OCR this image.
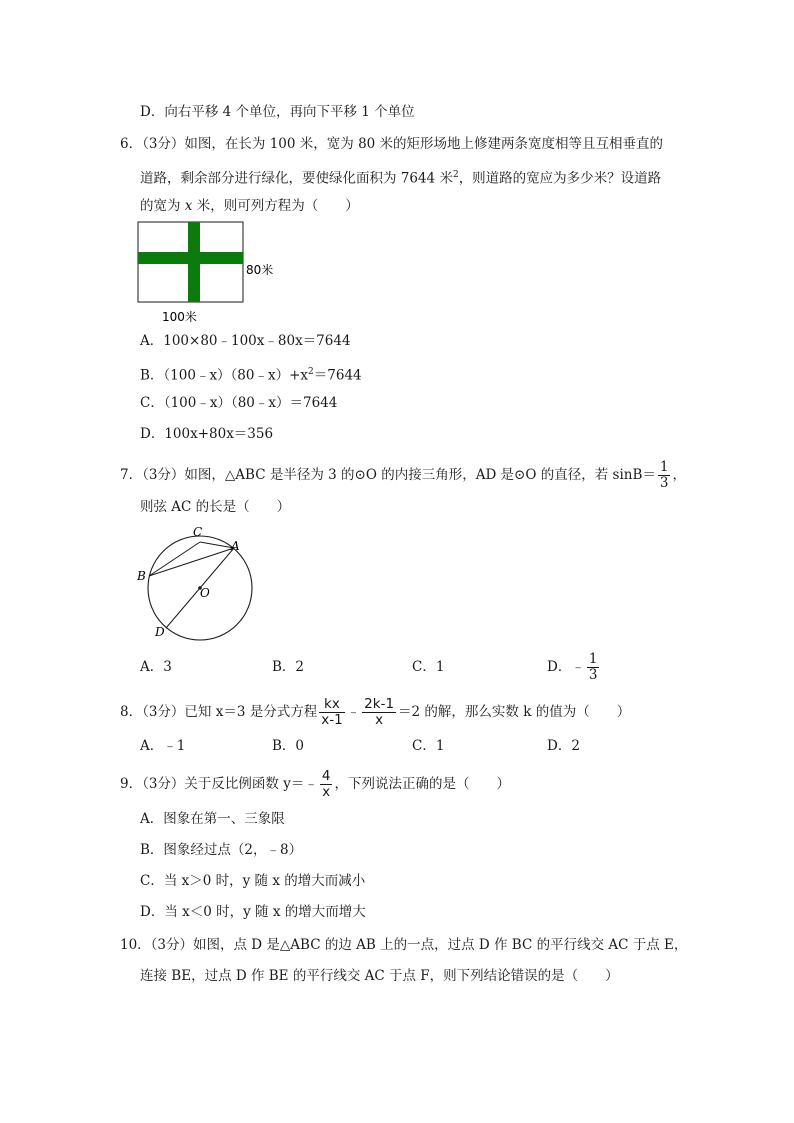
D．向右平移 4 个单位，再向下平移 1 个单位
6．（3分）如图，在长为 100 米，宽为 80 米的矩形场地上修建两条宽度相等且互相垂直的
道路，剩余部分进行绿化，要使绿化面积为 7644 米$^2$，则道路的宽应为多少米？设道路
的宽为 x 米，则可列方程为（　　）
80米
100米
A．100×80﹣100x﹣80x＝7644
B．$(100﹣x)(80﹣x)+x^2=7644$
C．（100﹣x）（80﹣x）＝7644
D．100x+80x＝356
7．（3分）如图，△ABC 是半径为 3 的⊙O 的内接三角形，AD 是⊙O 的直径，若 $\sin B= \frac{1}{3}$ ，
则弦 AC 的长是（　　）
C
A
B
O
D
A．3	B．2	C．1	D．﹣ $\frac{1}{3}$
8．（3分）已知 x＝3 是分式方程 $\frac{kx}{x-1}$ ﹣ $\frac{2k-1}{x} =2$ 的解，那么实数 k 的值为（　　）
A．﹣1	B．0	C．1	D．2
9．（3分）关于反比例函数 y＝﹣ $\frac{4}{x}$ ，下列说法正确的是（　　）
A．图象在第一、三象限
B．图象经过点（2，﹣8）
C．当 x＞0 时，y 随 x 的增大而减小
D．当 x＜0 时，y 随 x 的增大而增大
10．（3分）如图，点 D 是△ABC 的边 AB 上的一点，过点 D 作 BC 的平行线交 AC 于点 E，
连接 BE，过点 D 作 BE 的平行线交 AC 于点 F，则下列结论错误的是（　　）
